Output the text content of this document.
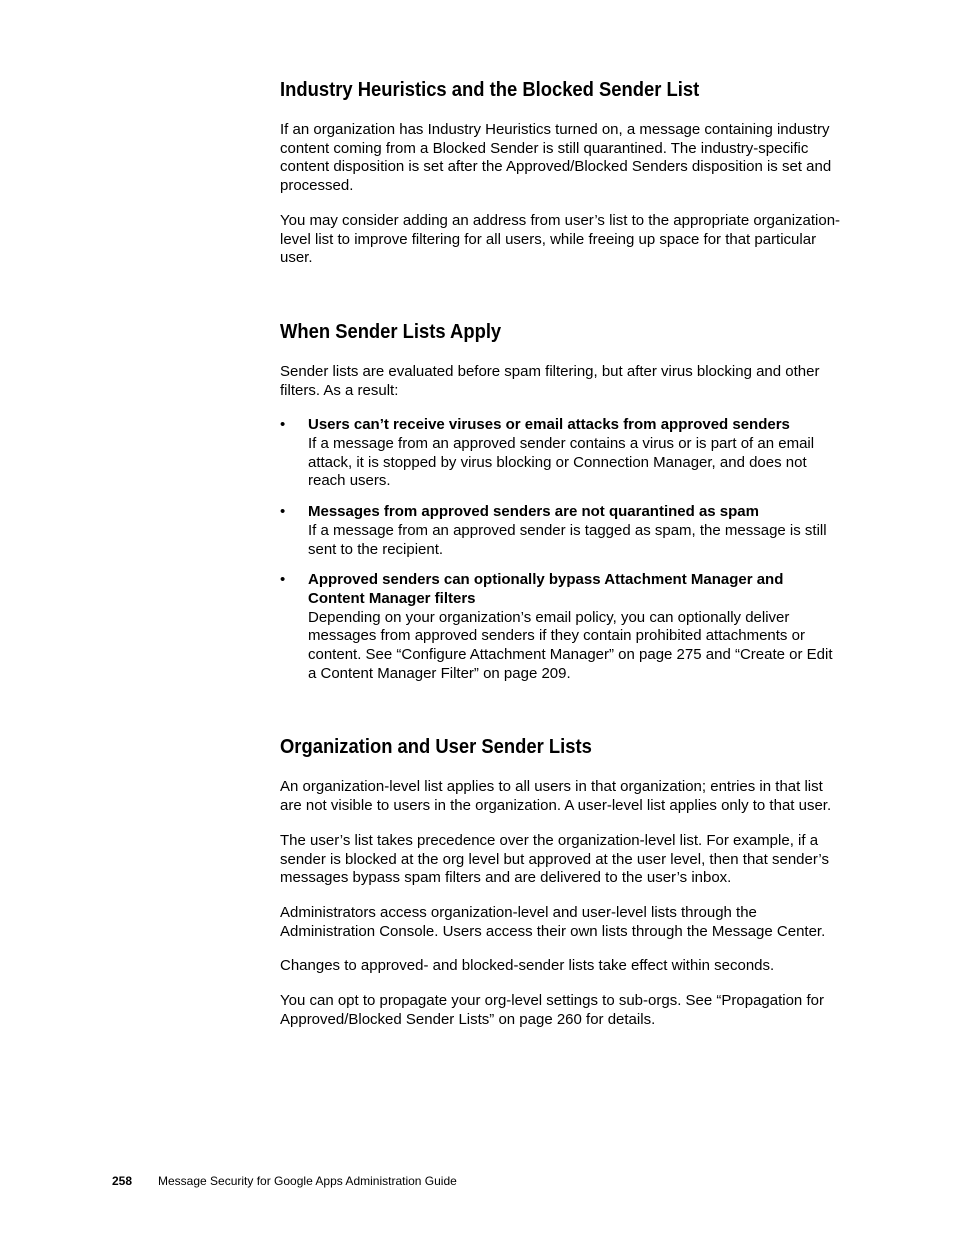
Industry Heuristics and the Blocked Sender List

If an organization has Industry Heuristics turned on, a message containing industry content coming from a Blocked Sender is still quarantined. The industry-specific content disposition is set after the Approved/Blocked Senders disposition is set and processed.

You may consider adding an address from user’s list to the appropriate organization-level list to improve filtering for all users, while freeing up space for that particular user.

When Sender Lists Apply

Sender lists are evaluated before spam filtering, but after virus blocking and other filters. As a result:

• Users can’t receive viruses or email attacks from approved senders
If a message from an approved sender contains a virus or is part of an email attack, it is stopped by virus blocking or Connection Manager, and does not reach users.
• Messages from approved senders are not quarantined as spam
If a message from an approved sender is tagged as spam, the message is still sent to the recipient.
• Approved senders can optionally bypass Attachment Manager and Content Manager filters
Depending on your organization’s email policy, you can optionally deliver messages from approved senders if they contain prohibited attachments or content. See “Configure Attachment Manager” on page 275 and “Create or Edit a Content Manager Filter” on page 209.
Organization and User Sender Lists

An organization-level list applies to all users in that organization; entries in that list are not visible to users in the organization. A user-level list applies only to that user.

The user’s list takes precedence over the organization-level list. For example, if a sender is blocked at the org level but approved at the user level, then that sender’s messages bypass spam filters and are delivered to the user’s inbox.

Administrators access organization-level and user-level lists through the Administration Console. Users access their own lists through the Message Center.

Changes to approved- and blocked-sender lists take effect within seconds.

You can opt to propagate your org-level settings to sub-orgs. See “Propagation for Approved/Blocked Sender Lists” on page 260 for details.

258 Message Security for Google Apps Administration Guide
